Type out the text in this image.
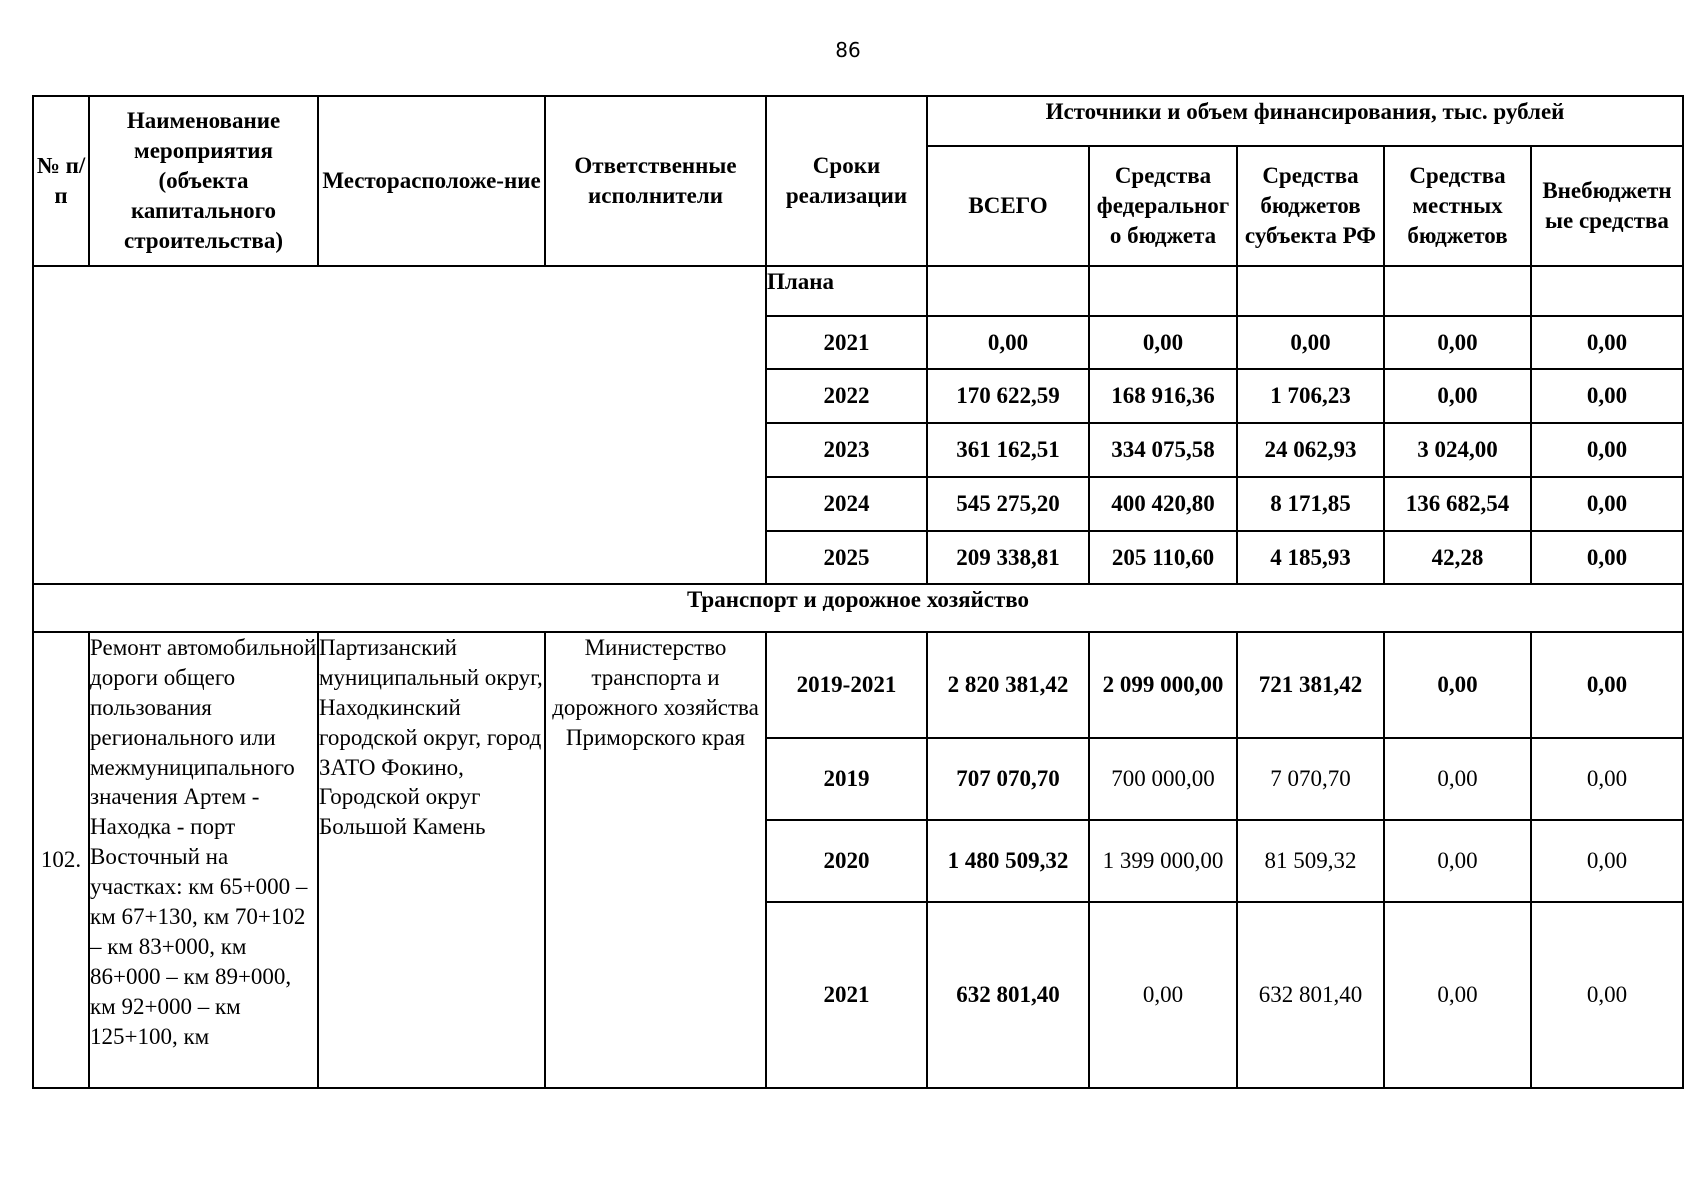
86
№ п/п	Наименование мероприятия (объекта капитального строительства)	Месторасположе-ние	Ответственные исполнители	Сроки реализации	Источники и объем финансирования, тыс. рублей				
					ВСЕГО	Средства федеральног о бюджета	Средства бюджетов субъекта РФ	Средства местных бюджетов	Внебюджетн ые средства
				Плана					
				2021	0,00	0,00	0,00	0,00	0,00
				2022	170 622,59	168 916,36	1 706,23	0,00	0,00
				2023	361 162,51	334 075,58	24 062,93	3 024,00	0,00
				2024	545 275,20	400 420,80	8 171,85	136 682,54	0,00
				2025	209 338,81	205 110,60	4 185,93	42,28	0,00
Транспорт и дорожное хозяйство									
102.	Ремонт автомобильной дороги общего пользования регионального или межмуниципального значения Артем - Находка - порт Восточный на участках: км 65+000 – км 67+130, км 70+102 – км 83+000, км 86+000 – км 89+000, км 92+000 – км 125+100, км	Партизанский муниципальный округ, Находкинский городской округ, город ЗАТО Фокино, Городской округ Большой Камень	Министерство транспорта и дорожного хозяйства Приморского края	2019-2021	2 820 381,42	2 099 000,00	721 381,42	0,00	0,00
				2019	707 070,70	700 000,00	7 070,70	0,00	0,00
				2020	1 480 509,32	1 399 000,00	81 509,32	0,00	0,00
				2021	632 801,40	0,00	632 801,40	0,00	0,00
